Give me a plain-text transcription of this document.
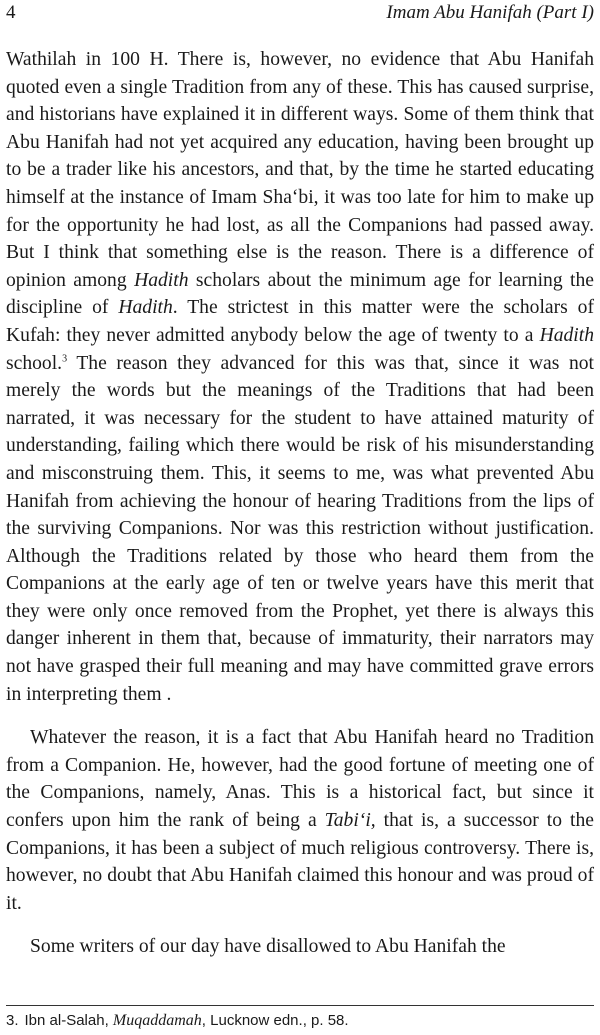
4	Imam Abu Hanifah (Part I)

Wathilah in 100 H. There is, however, no evidence that Abu Hanifah quoted even a single Tradition from any of these. This has caused surprise, and historians have explained it in different ways. Some of them think that Abu Hanifah had not yet acquired any education, having been brought up to be a trader like his ancestors, and that, by the time he started educating himself at the instance of Imam Sha‘bi, it was too late for him to make up for the opportunity he had lost, as all the Companions had passed away. But I think that something else is the reason. There is a difference of opinion among Hadith scholars about the minimum age for learning the discipline of Hadith. The strictest in this matter were the scholars of Kufah: they never admitted anybody below the age of twenty to a Hadith school.$^3$ The reason they advanced for this was that, since it was not merely the words but the meanings of the Traditions that had been narrated, it was necessary for the student to have attained maturity of understanding, failing which there would be risk of his misunderstanding and misconstruing them. This, it seems to me, was what prevented Abu Hanifah from achieving the honour of hearing Traditions from the lips of the surviving Companions. Nor was this restriction without justification. Although the Traditions related by those who heard them from the Companions at the early age of ten or twelve years have this merit that they were only once removed from the Prophet, yet there is always this danger inherent in them that, because of immaturity, their narrators may not have grasped their full meaning and may have committed grave errors in interpreting them .

Whatever the reason, it is a fact that Abu Hanifah heard no Tradition from a Companion. He, however, had the good fortune of meeting one of the Companions, namely, Anas. This is a historical fact, but since it confers upon him the rank of being a Tabi‘i, that is, a successor to the Companions, it has been a subject of much religious controversy. There is, however, no doubt that Abu Hanifah claimed this honour and was proud of it.

Some writers of our day have disallowed to Abu Hanifah the

3. Ibn al-Salah, Muqaddamah, Lucknow edn., p. 58.
